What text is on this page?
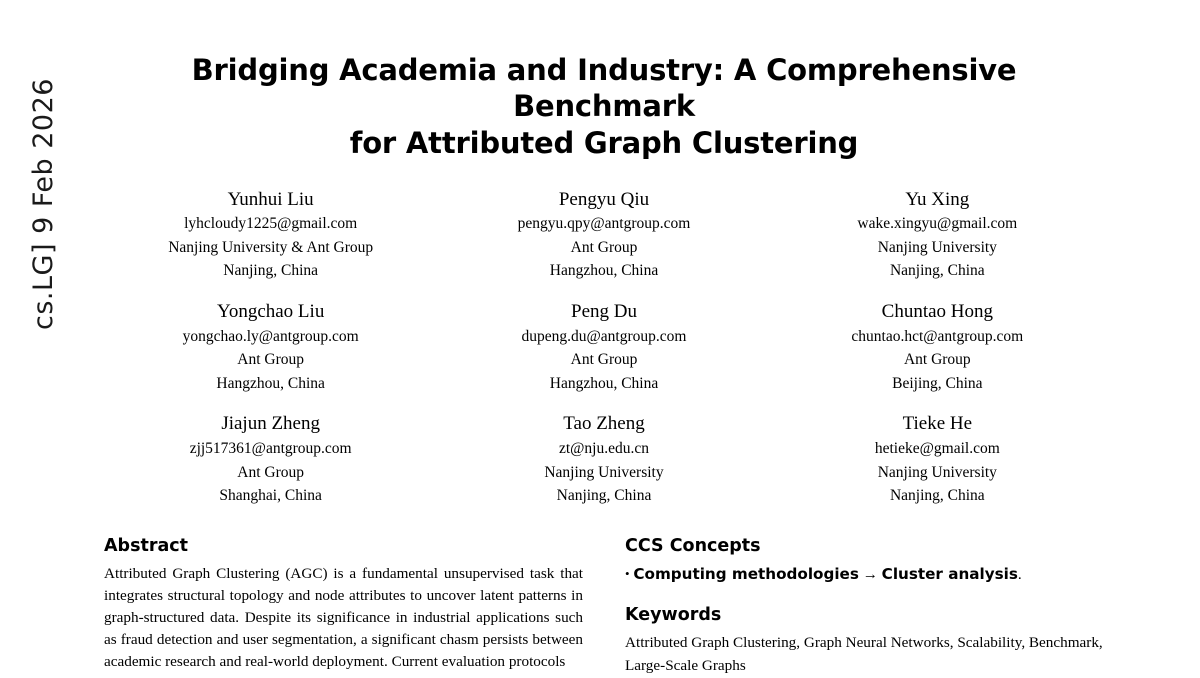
cs.LG] 9 Feb 2026
Bridging Academia and Industry: A Comprehensive Benchmark
for Attributed Graph Clustering
Yunhui Liu
lyhcloudy1225@gmail.com
Nanjing University & Ant Group
Nanjing, China
Pengyu Qiu
pengyu.qpy@antgroup.com
Ant Group
Hangzhou, China
Yu Xing
wake.xingyu@gmail.com
Nanjing University
Nanjing, China
Yongchao Liu
yongchao.ly@antgroup.com
Ant Group
Hangzhou, China
Peng Du
dupeng.du@antgroup.com
Ant Group
Hangzhou, China
Chuntao Hong
chuntao.hct@antgroup.com
Ant Group
Beijing, China
Jiajun Zheng
zjj517361@antgroup.com
Ant Group
Shanghai, China
Tao Zheng
zt@nju.edu.cn
Nanjing University
Nanjing, China
Tieke He
hetieke@gmail.com
Nanjing University
Nanjing, China
Abstract

Attributed Graph Clustering (AGC) is a fundamental unsupervised task that integrates structural topology and node attributes to uncover latent patterns in graph-structured data. Despite its significance in industrial applications such as fraud detection and user segmentation, a significant chasm persists between academic research and real-world deployment. Current evaluation protocols

CCS Concepts

• Computing methodologies → Cluster analysis.

Keywords

Attributed Graph Clustering, Graph Neural Networks, Scalability, Benchmark, Large-Scale Graphs
